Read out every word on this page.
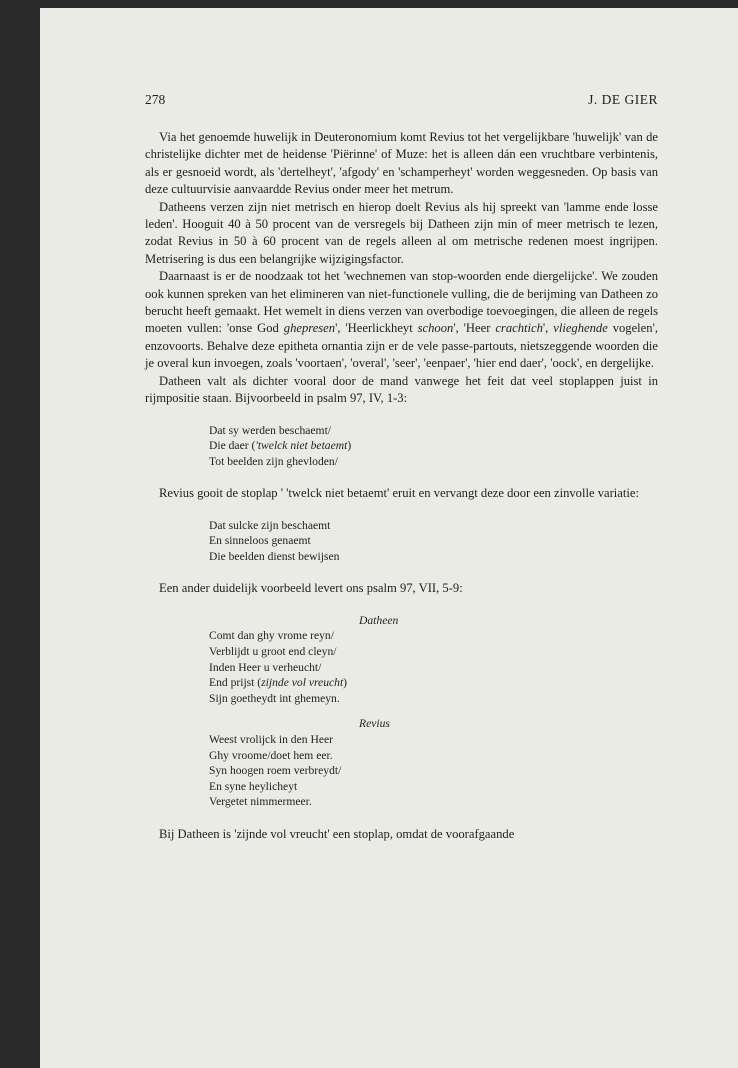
278	J. DE GIER

Via het genoemde huwelijk in Deuteronomium komt Revius tot het vergelijkbare 'huwelijk' van de christelijke dichter met de heidense 'Piërinne' of Muze: het is alleen dán een vruchtbare verbintenis, als er gesnoeid wordt, als 'dertelheyt', 'afgody' en 'schamperheyt' worden weggesneden. Op basis van deze cultuurvisie aanvaardde Revius onder meer het metrum.

Datheens verzen zijn niet metrisch en hierop doelt Revius als hij spreekt van 'lamme ende losse leden'. Hooguit 40 à 50 procent van de versregels bij Datheen zijn min of meer metrisch te lezen, zodat Revius in 50 à 60 procent van de regels alleen al om metrische redenen moest ingrijpen. Metrisering is dus een belangrijke wijzigingsfactor.

Daarnaast is er de noodzaak tot het 'wechnemen van stop-woorden ende diergelijcke'. We zouden ook kunnen spreken van het elimineren van niet-functionele vulling, die de berijming van Datheen zo berucht heeft gemaakt. Het wemelt in diens verzen van overbodige toevoegingen, die alleen de regels moeten vullen: 'onse God ghepresen', 'Heerlickheyt schoon', 'Heer crachtich', vlieghende vogelen', enzovoorts. Behalve deze epitheta ornantia zijn er de vele passe-partouts, nietszeggende woorden die je overal kun invoegen, zoals 'voortaen', 'overal', 'seer', 'eenpaer', 'hier end daer', 'oock', en dergelijke.

Datheen valt als dichter vooral door de mand vanwege het feit dat veel stoplappen juist in rijmpositie staan. Bijvoorbeeld in psalm 97, IV, 1-3:

Dat sy werden beschaemt/
Die daer ('twelck niet betaemt)
Tot beelden zijn ghevloden/

Revius gooit de stoplap ' 'twelck niet betaemt' eruit en vervangt deze door een zinvolle variatie:

Dat sulcke zijn beschaemt
En sinneloos genaemt
Die beelden dienst bewijsen

Een ander duidelijk voorbeeld levert ons psalm 97, VII, 5-9:

Datheen
Comt dan ghy vrome reyn/
Verblijdt u groot end cleyn/
Inden Heer u verheucht/
End prijst (zijnde vol vreucht)
Sijn goetheydt int ghemeyn.
Revius
Weest vrolijck in den Heer
Ghy vroome/doet hem eer.
Syn hoogen roem verbreydt/
En syne heylicheyt
Vergetet nimmermeer.

Bij Datheen is 'zijnde vol vreucht' een stoplap, omdat de voorafgaande
